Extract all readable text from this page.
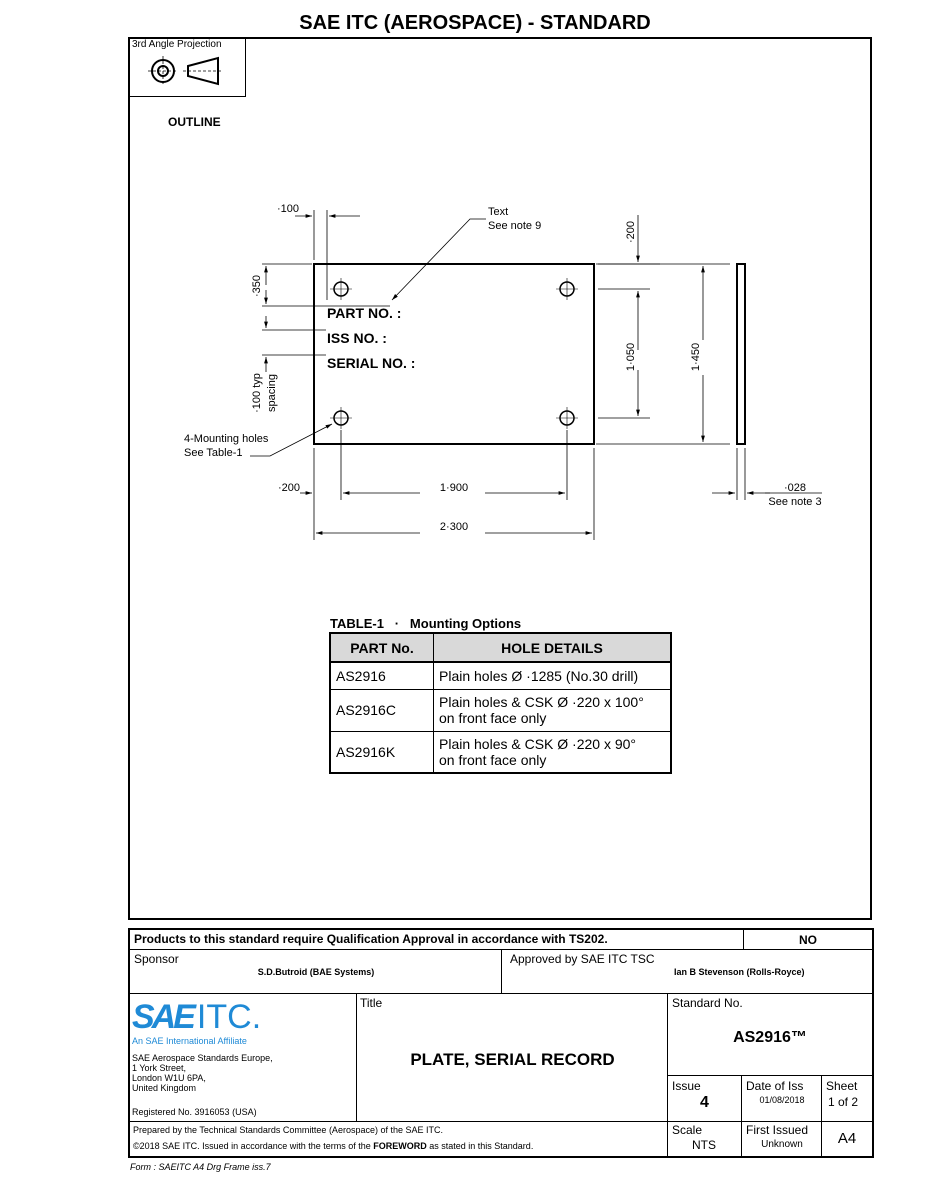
SAE ITC (AEROSPACE) - STANDARD
3rd Angle Projection
OUTLINE
PART NO. :
ISS NO. :
SERIAL NO. :
·100	Text
See note 9	·200
·350
·100 typ spacing
1·050	1·450
4-Mounting holes
See Table-1
·200	1·900
2·300
·028
See note 3
TABLE-1   ·   Mounting Options
PART No.	HOLE DETAILS
AS2916	Plain holes Ø ·1285 (No.30 drill)

AS2916C	Plain holes & CSK Ø ·220 x 100°
on front face only

AS2916K	Plain holes & CSK Ø ·220 x 90°
on front face only
Products to this standard require Qualification Approval in accordance with TS202.	NO
Sponsor
S.D.Butroid (BAE Systems)
Approved by SAE ITC TSC
Ian B Stevenson (Rolls-Royce)
SAE ITC.
An SAE International Affiliate
SAE Aerospace Standards Europe,
1 York Street,
London W1U 6PA,
United Kingdom
Registered No. 3916053 (USA)
Title
PLATE, SERIAL RECORD
Standard No.
AS2916™
Issue
4
Date of Iss
01/08/2018
Sheet
1 of 2
Prepared by the Technical Standards Committee (Aerospace) of the SAE ITC.
©2018 SAE ITC. Issued in accordance with the terms of the FOREWORD as stated in this Standard.
Scale
NTS
First Issued
Unknown	A4
Form : SAEITC A4 Drg Frame iss.7
